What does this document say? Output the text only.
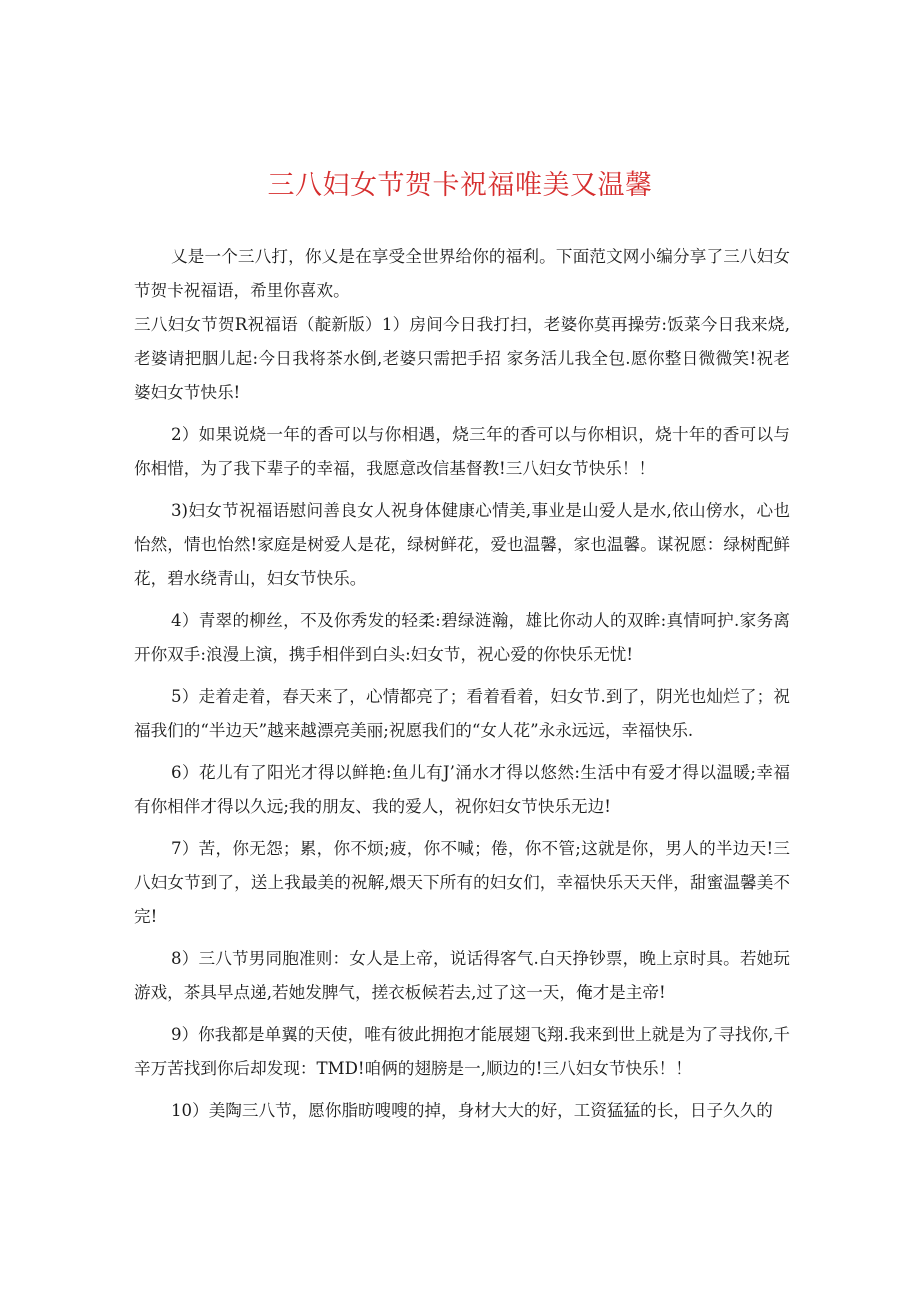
三八妇女节贺卡祝福唯美又温馨

乂是一个三八打，你乂是在享受全世界给你的福利。下面范文网小编分享了三八妇女节贺卡祝福语，希里你喜欢。

三八妇女节贺R祝福语（靛新版）1）房间今日我打扫，老婆你莫再操劳:饭菜今日我来烧,老婆请把胭儿起:今日我将茶水倒,老婆只需把手招 家务活儿我全包.愿你整日微微笑!祝老婆妇女节快乐!

2）如果说烧一年的香可以与你相遇，烧三年的香可以与你相识，烧十年的香可以与你相惜，为了我下辈子的幸福，我愿意改信基督教!三八妇女节快乐！！

3)妇女节祝福语慰问善良女人祝身体健康心情美,事业是山爱人是水,依山傍水，心也怡然，情也怡然!家庭是树爱人是花，绿树鲜花，爱也温馨，家也温馨。谋祝愿：绿树配鲜花，碧水绕青山，妇女节快乐。

4）青翠的柳丝，不及你秀发的轻柔:碧绿涟瀚，雄比你动人的双眸:真情呵护.家务离开你双手:浪漫上演，携手相伴到白头:妇女节，祝心爱的你快乐无忧!

5）走着走着，春天来了，心情都亮了；看着看着，妇女节.到了，阴光也灿烂了；祝福我们的“半边天”越来越漂亮美丽;祝愿我们的“女人花”永永远远，幸福快乐.

6）花儿有了阳光才得以鲜艳:鱼儿有J’涌水才得以悠然:生活中有爱才得以温暖;幸福有你相伴才得以久远;我的朋友、我的爱人，祝你妇女节快乐无边!

7）苦，你无怨；累，你不烦;疲，你不喊；倦，你不管;这就是你，男人的半边天!三八妇女节到了，送上我最美的祝解,煨天下所有的妇女们，幸福快乐天天伴，甜蜜温馨美不完!

8）三八节男同胞准则：女人是上帝，说话得客气.白天挣钞票，晚上京时具。若她玩游戏，茶具早点递,若她发脾气，搓衣板候若去,过了这一天，俺才是主帝!

9）你我都是单翼的天使，唯有彼此拥抱才能展翅飞翔.我来到世上就是为了寻找你,千辛万苦找到你后却发现：TMD!咱俩的翅膀是一,顺边的!三八妇女节快乐！！

10）美陶三八节，愿你脂昉嗖嗖的掉，身材大大的好，工资猛猛的长，日子久久的
